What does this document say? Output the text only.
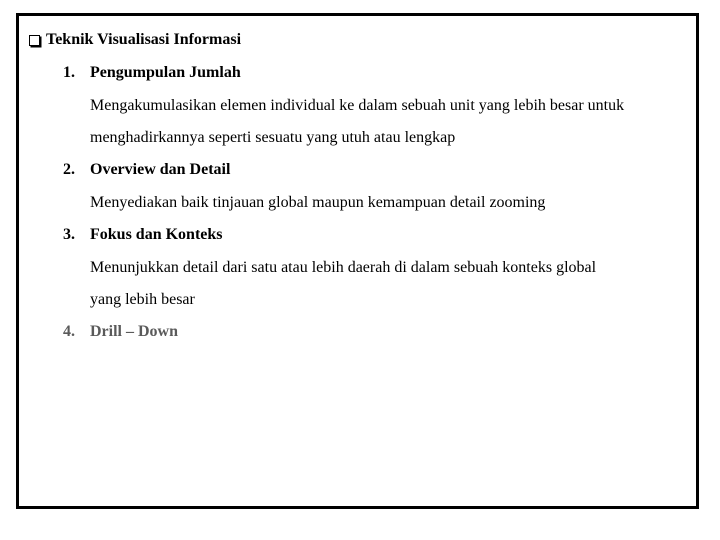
Teknik Visualisasi Informasi
1. Pengumpulan Jumlah
Mengakumulasikan elemen individual ke dalam sebuah unit yang lebih besar untuk
menghadirkannya seperti sesuatu yang utuh atau lengkap
2. Overview dan Detail
Menyediakan baik tinjauan global maupun kemampuan detail zooming
3. Fokus dan Konteks
Menunjukkan detail dari satu atau lebih daerah di dalam sebuah konteks global
yang lebih besar
4. Drill – Down
